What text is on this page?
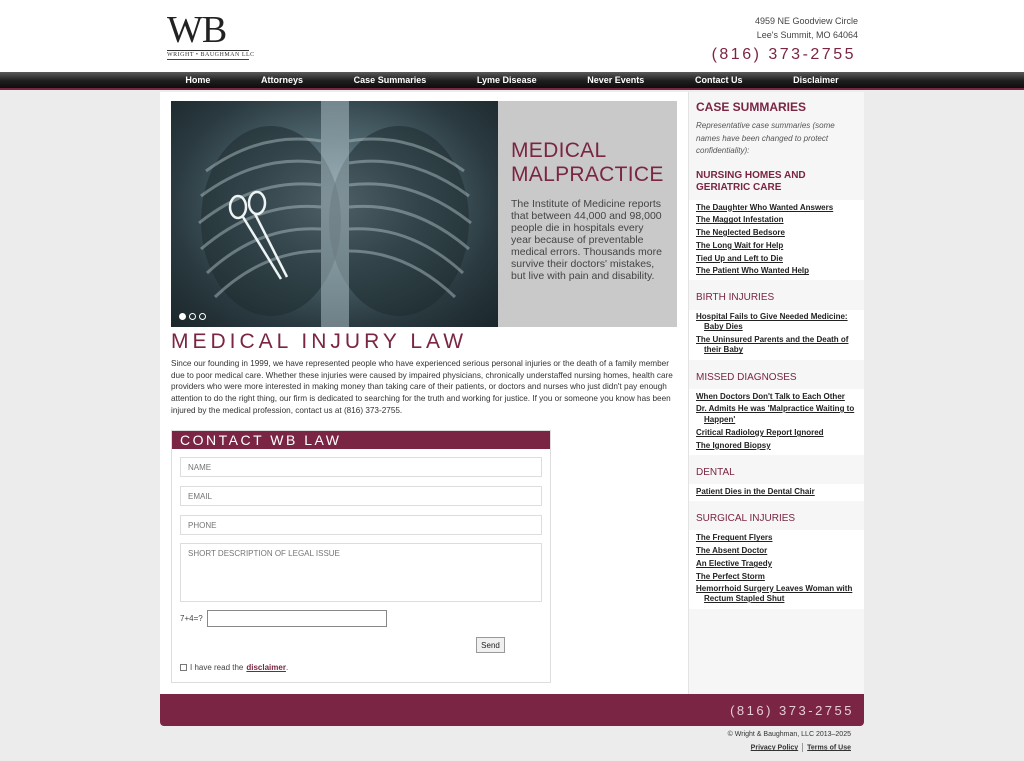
WB
WRIGHT • BAUGHMAN LLC
4959 NE Goodview Circle
Lee's Summit, MO 64064
(816) 373-2755
Home	Attorneys	Case Summaries	Lyme Disease	Never Events	Contact Us	Disclaimer
MEDICAL
MALPRACTICE
The Institute of Medicine reports that between 44,000 and 98,000 people die in hospitals every year because of preventable medical errors. Thousands more survive their doctors' mistakes, but live with pain and disability.
MEDICAL INJURY LAW
Since our founding in 1999, we have represented people who have experienced serious personal injuries or the death of a family member due to poor medical care. Whether these injuries were caused by impaired physicians, chronically understaffed nursing homes, health care providers who were more interested in making money than taking care of their patients, or doctors and nurses who just didn't pay enough attention to do the right thing, our firm is dedicated to searching for the truth and working for justice. If you or someone you know has been injured by the medical profession, contact us at (816) 373-2755.
CONTACT WB LAW
NAME
EMAIL
PHONE
SHORT DESCRIPTION OF LEGAL ISSUE
7+4=?
Send
I have read the disclaimer.
CASE SUMMARIES
Representative case summaries (some names have been changed to protect confidentiality):
NURSING HOMES AND GERIATRIC CARE
The Daughter Who Wanted Answers
The Maggot Infestation
The Neglected Bedsore
The Long Wait for Help
Tied Up and Left to Die
The Patient Who Wanted Help
BIRTH INJURIES
Hospital Fails to Give Needed Medicine: Baby Dies
The Uninsured Parents and the Death of their Baby
MISSED DIAGNOSES
When Doctors Don't Talk to Each Other
Dr. Admits He was 'Malpractice Waiting to Happen'
Critical Radiology Report Ignored
The Ignored Biopsy
DENTAL
Patient Dies in the Dental Chair
SURGICAL INJURIES
The Frequent Flyers
The Absent Doctor
An Elective Tragedy
The Perfect Storm
Hemorrhoid Surgery Leaves Woman with Rectum Stapled Shut
(816) 373-2755
© Wright & Baughman, LLC 2013–2025
Privacy Policy Terms of Use
